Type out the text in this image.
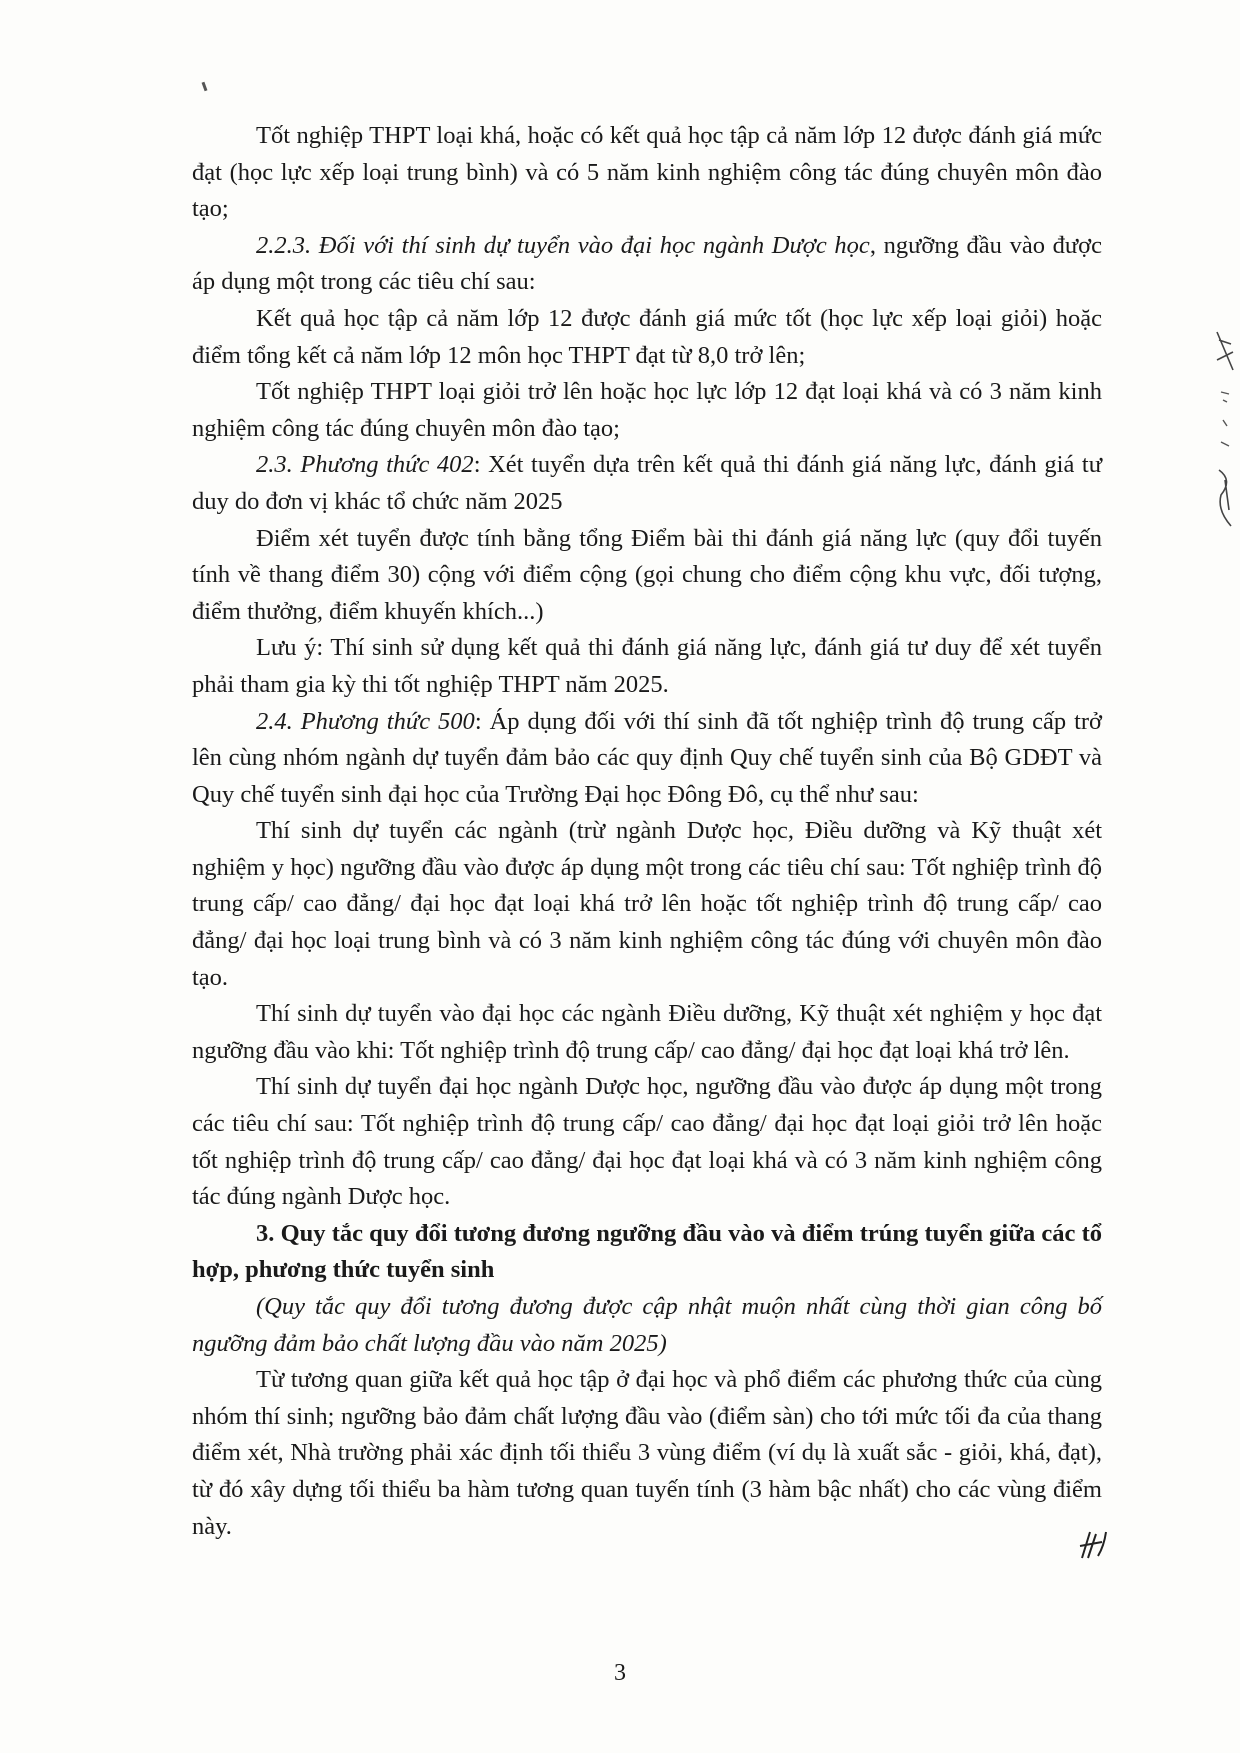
Tốt nghiệp THPT loại khá, hoặc có kết quả học tập cả năm lớp 12 được đánh giá mức đạt (học lực xếp loại trung bình) và có 5 năm kinh nghiệm công tác đúng chuyên môn đào tạo;

2.2.3. Đối với thí sinh dự tuyển vào đại học ngành Dược học, ngưỡng đầu vào được áp dụng một trong các tiêu chí sau:

Kết quả học tập cả năm lớp 12 được đánh giá mức tốt (học lực xếp loại giỏi) hoặc điểm tổng kết cả năm lớp 12 môn học THPT đạt từ 8,0 trở lên;

Tốt nghiệp THPT loại giỏi trở lên hoặc học lực lớp 12 đạt loại khá và có 3 năm kinh nghiệm công tác đúng chuyên môn đào tạo;

2.3. Phương thức 402: Xét tuyển dựa trên kết quả thi đánh giá năng lực, đánh giá tư duy do đơn vị khác tổ chức năm 2025

Điểm xét tuyển được tính bằng tổng Điểm bài thi đánh giá năng lực (quy đổi tuyến tính về thang điểm 30) cộng với điểm cộng (gọi chung cho điểm cộng khu vực, đối tượng, điểm thưởng, điểm khuyến khích...)

Lưu ý: Thí sinh sử dụng kết quả thi đánh giá năng lực, đánh giá tư duy để xét tuyển phải tham gia kỳ thi tốt nghiệp THPT năm 2025.

2.4. Phương thức 500: Áp dụng đối với thí sinh đã tốt nghiệp trình độ trung cấp trở lên cùng nhóm ngành dự tuyển đảm bảo các quy định Quy chế tuyển sinh của Bộ GDĐT và Quy chế tuyển sinh đại học của Trường Đại học Đông Đô, cụ thể như sau:

Thí sinh dự tuyển các ngành (trừ ngành Dược học, Điều dưỡng và Kỹ thuật xét nghiệm y học) ngưỡng đầu vào được áp dụng một trong các tiêu chí sau: Tốt nghiệp trình độ trung cấp/ cao đẳng/ đại học đạt loại khá trở lên hoặc tốt nghiệp trình độ trung cấp/ cao đẳng/ đại học loại trung bình và có 3 năm kinh nghiệm công tác đúng với chuyên môn đào tạo.

Thí sinh dự tuyển vào đại học các ngành Điều dưỡng, Kỹ thuật xét nghiệm y học đạt ngưỡng đầu vào khi: Tốt nghiệp trình độ trung cấp/ cao đẳng/ đại học đạt loại khá trở lên.

Thí sinh dự tuyển đại học ngành Dược học, ngưỡng đầu vào được áp dụng một trong các tiêu chí sau: Tốt nghiệp trình độ trung cấp/ cao đẳng/ đại học đạt loại giỏi trở lên hoặc tốt nghiệp trình độ trung cấp/ cao đẳng/ đại học đạt loại khá và có 3 năm kinh nghiệm công tác đúng ngành Dược học.

3. Quy tắc quy đổi tương đương ngưỡng đầu vào và điểm trúng tuyển giữa các tổ hợp, phương thức tuyển sinh

(Quy tắc quy đổi tương đương được cập nhật muộn nhất cùng thời gian công bố ngưỡng đảm bảo chất lượng đầu vào năm 2025)

Từ tương quan giữa kết quả học tập ở đại học và phổ điểm các phương thức của cùng nhóm thí sinh; ngưỡng bảo đảm chất lượng đầu vào (điểm sàn) cho tới mức tối đa của thang điểm xét, Nhà trường phải xác định tối thiểu 3 vùng điểm (ví dụ là xuất sắc - giỏi, khá, đạt), từ đó xây dựng tối thiểu ba hàm tương quan tuyến tính (3 hàm bậc nhất) cho các vùng điểm này.

3
